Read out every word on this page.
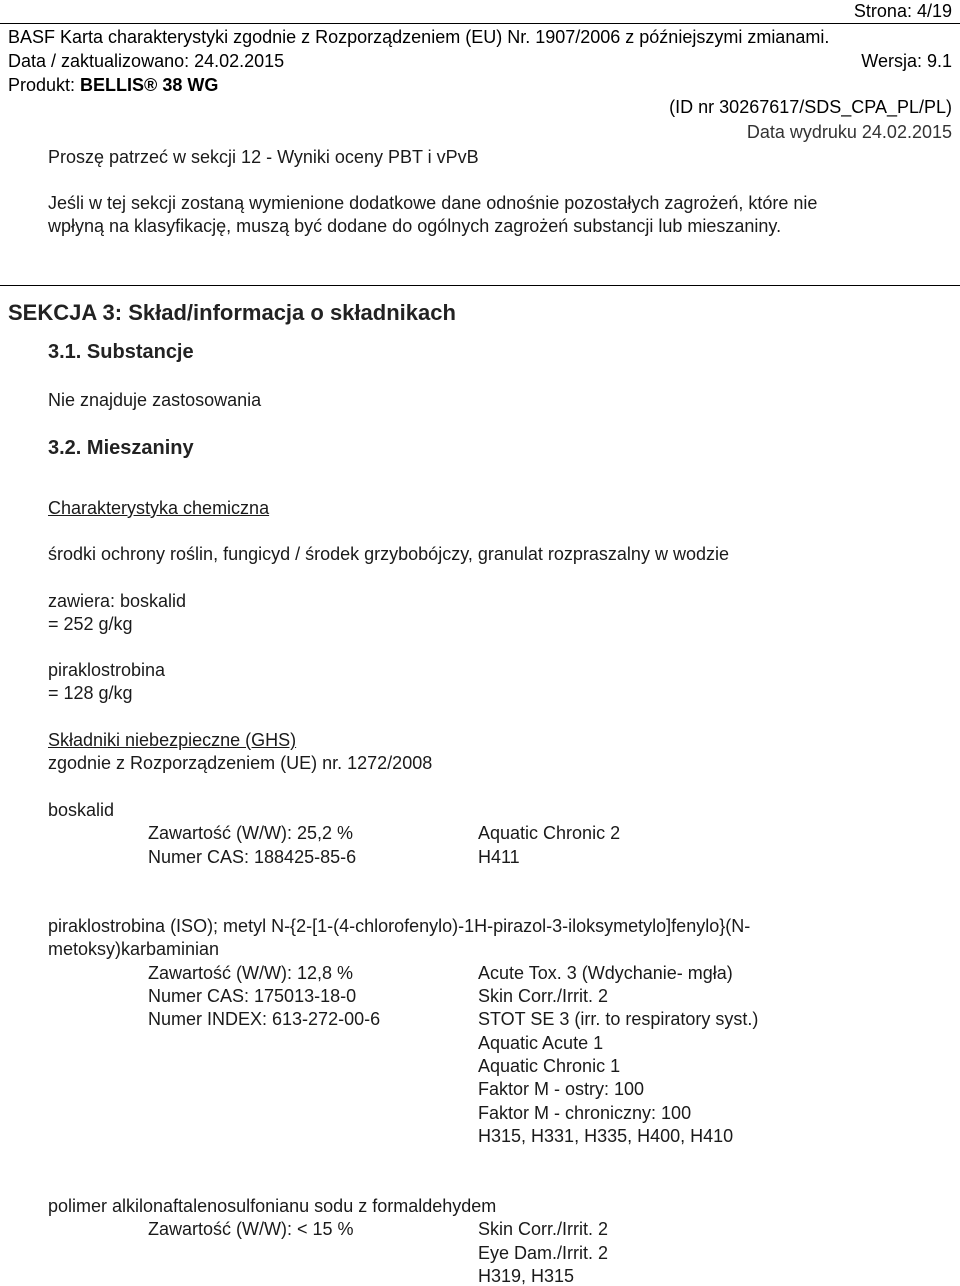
Strona: 4/19
BASF Karta charakterystyki zgodnie z Rozporządzeniem (EU) Nr. 1907/2006 z późniejszymi zmianami.
Data / zaktualizowano: 24.02.2015	Wersja: 9.1
Produkt: BELLIS® 38 WG
(ID nr 30267617/SDS_CPA_PL/PL)
Data wydruku 24.02.2015
Proszę patrzeć w sekcji 12 - Wyniki oceny PBT i vPvB
Jeśli w tej sekcji zostaną wymienione dodatkowe dane odnośnie pozostałych zagrożeń, które nie
wpłyną na klasyfikację, muszą być dodane do ogólnych zagrożeń substancji lub mieszaniny.
SEKCJA 3: Skład/informacja o składnikach
3.1. Substancje
Nie znajduje zastosowania
3.2. Mieszaniny
Charakterystyka chemiczna
środki ochrony roślin, fungicyd / środek grzybobójczy, granulat rozpraszalny w wodzie
zawiera: boskalid
= 252 g/kg
piraklostrobina
= 128 g/kg
Składniki niebezpieczne (GHS)
zgodnie z Rozporządzeniem (UE) nr. 1272/2008
boskalid
Zawartość (W/W): 25,2 %
Numer CAS: 188425-85-6
Aquatic Chronic 2
H411
piraklostrobina (ISO); metyl N-{2-[1-(4-chlorofenylo)-1H-pirazol-3-iloksymetylo]fenylo}(N-
metoksy)karbaminian
Zawartość (W/W): 12,8 %
Numer CAS: 175013-18-0
Numer INDEX: 613-272-00-6
Acute Tox. 3 (Wdychanie- mgła)
Skin Corr./Irrit. 2
STOT SE 3 (irr. to respiratory syst.)
Aquatic Acute 1
Aquatic Chronic 1
Faktor M - ostry: 100
Faktor M - chroniczny: 100
H315, H331, H335, H400, H410
polimer alkilonaftalenosulfonianu sodu z formaldehydem
Zawartość (W/W): < 15 %	Skin Corr./Irrit. 2
Eye Dam./Irrit. 2
H319, H315
